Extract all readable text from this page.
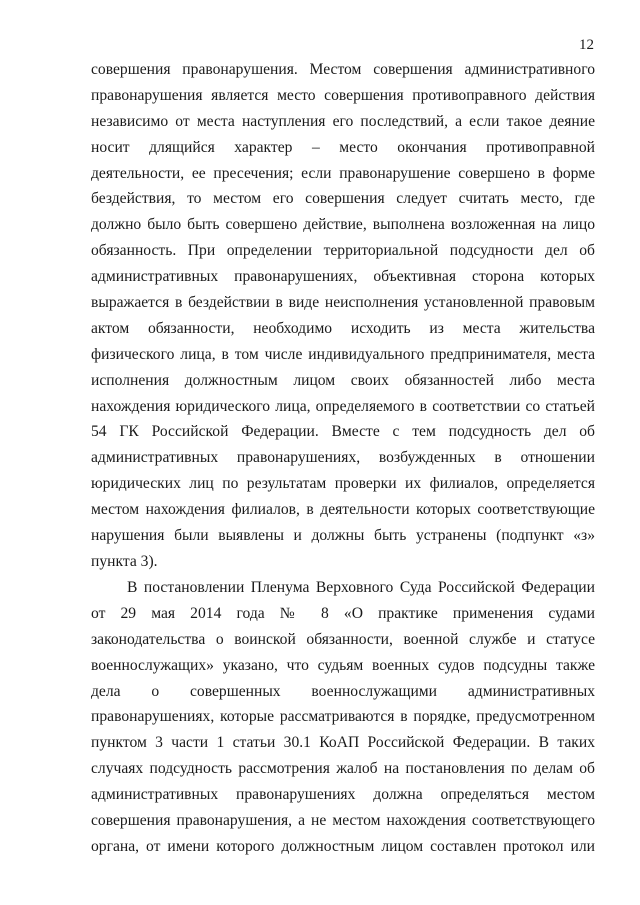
12
совершения правонарушения. Местом совершения административного
правонарушения является место совершения противоправного действия
независимо от места наступления его последствий, а если такое деяние
носит длящийся характер – место окончания противоправной
деятельности, ее пресечения; если правонарушение совершено в форме
бездействия, то местом его совершения следует считать место, где
должно было быть совершено действие, выполнена возложенная на лицо
обязанность. При определении территориальной подсудности дел об
административных правонарушениях, объективная сторона которых
выражается в бездействии в виде неисполнения установленной правовым
актом обязанности, необходимо исходить из места жительства
физического лица, в том числе индивидуального предпринимателя, места
исполнения должностным лицом своих обязанностей либо места
нахождения юридического лица, определяемого в соответствии со статьей
54 ГК Российской Федерации. Вместе с тем подсудность дел об
административных правонарушениях, возбужденных в отношении
юридических лиц по результатам проверки их филиалов, определяется
местом нахождения филиалов, в деятельности которых соответствующие
нарушения были выявлены и должны быть устранены (подпункт «з»
пункта 3).
В постановлении Пленума Верховного Суда Российской Федерации
от 29 мая 2014 года № 8 «О практике применения судами
законодательства о воинской обязанности, военной службе и статусе
военнослужащих» указано, что судьям военных судов подсудны также
дела о совершенных военнослужащими административных
правонарушениях, которые рассматриваются в порядке, предусмотренном
пунктом 3 части 1 статьи 30.1 КоАП Российской Федерации. В таких
случаях подсудность рассмотрения жалоб на постановления по делам об
административных правонарушениях должна определяться местом
совершения правонарушения, а не местом нахождения соответствующего
органа, от имени которого должностным лицом составлен протокол или
